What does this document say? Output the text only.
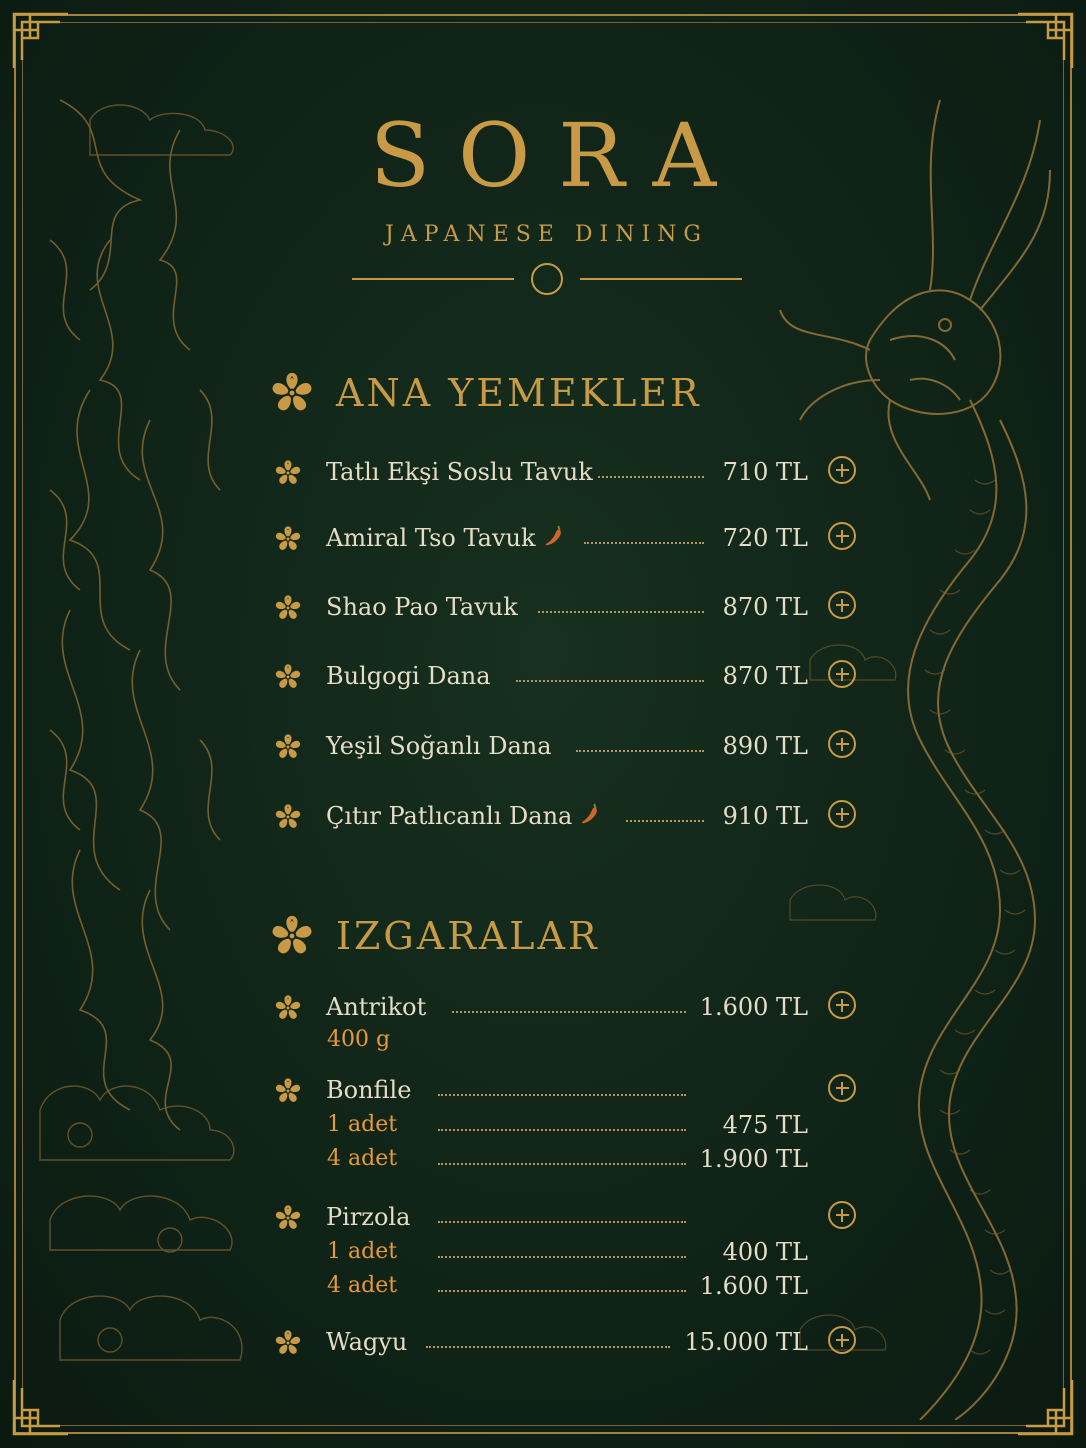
SORA
JAPANESE DINING
ANA YEMEKLER
Tatlı Ekşi Soslu Tavuk	710 TL
Amiral Tso Tavuk	720 TL
Shao Pao Tavuk	870 TL
Bulgogi Dana	870 TL
Yeşil Soğanlı Dana	890 TL
Çıtır Patlıcanlı Dana	910 TL
IZGARALAR
Antrikot	1.600 TL
400 g
Bonfile
1 adet	475 TL
4 adet	1.900 TL
Pirzola
1 adet	400 TL
4 adet	1.600 TL
Wagyu	15.000 TL
